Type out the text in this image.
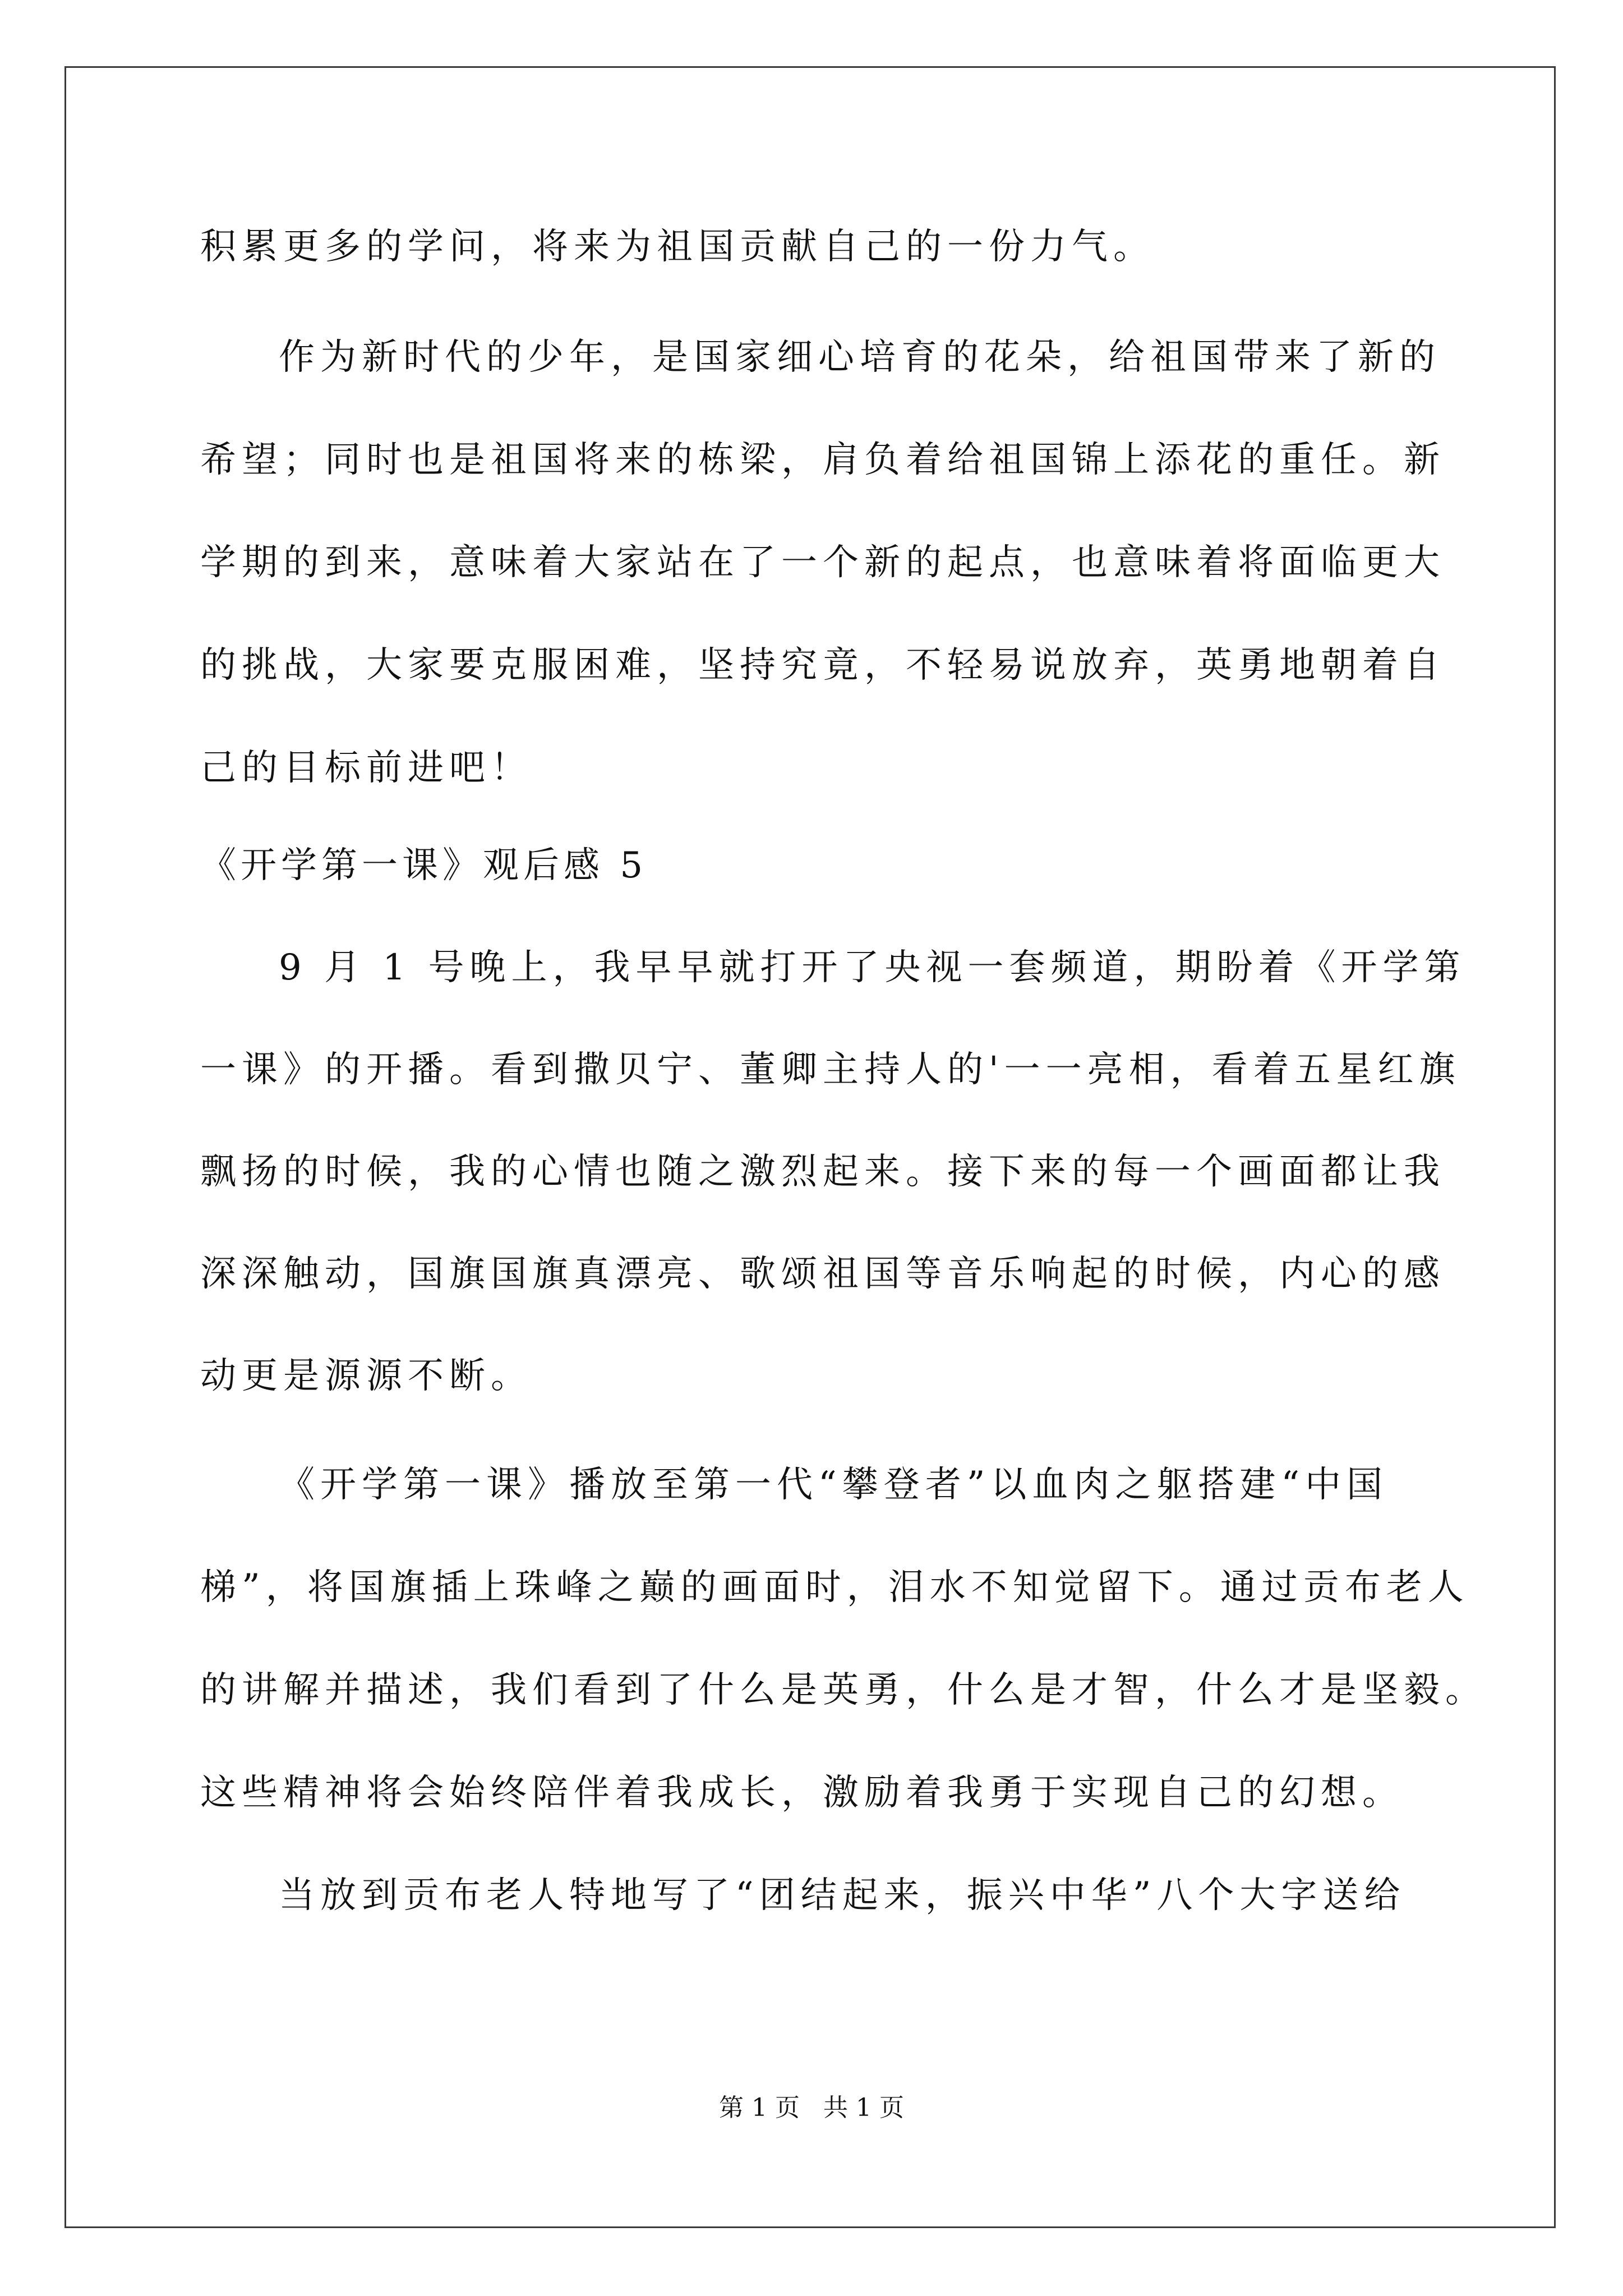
积累更多的学问，将来为祖国贡献自己的一份力气。
作为新时代的少年，是国家细心培育的花朵，给祖国带来了新的
希望；同时也是祖国将来的栋梁，肩负着给祖国锦上添花的重任。新
学期的到来，意味着大家站在了一个新的起点，也意味着将面临更大
的挑战，大家要克服困难，坚持究竟，不轻易说放弃，英勇地朝着自
己的目标前进吧！
《开学第一课》观后感 5
9 月 1 号晚上，我早早就打开了央视一套频道，期盼着《开学第
一课》的开播。看到撒贝宁、董卿主持人的'一一亮相，看着五星红旗
飘扬的时候，我的心情也随之激烈起来。接下来的每一个画面都让我
深深触动，国旗国旗真漂亮、歌颂祖国等音乐响起的时候，内心的感
动更是源源不断。
《开学第一课》播放至第一代“攀登者”以血肉之躯搭建“中国
梯”，将国旗插上珠峰之巅的画面时，泪水不知觉留下。通过贡布老人
的讲解并描述，我们看到了什么是英勇，什么是才智，什么才是坚毅。
这些精神将会始终陪伴着我成长，激励着我勇于实现自己的幻想。
当放到贡布老人特地写了“团结起来，振兴中华”八个大字送给
第 1 页   共 1 页
